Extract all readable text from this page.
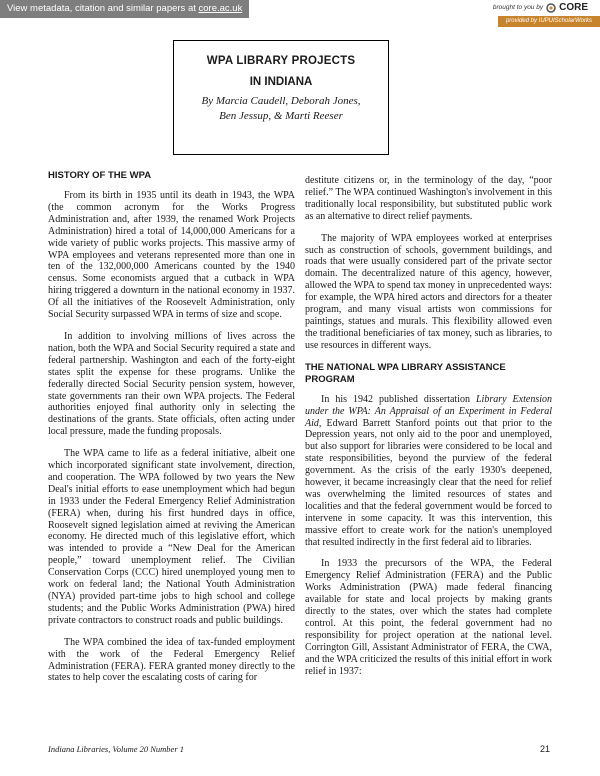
View metadata, citation and similar papers at core.ac.uk	brought to you by CORE
provided by IUPUIScholarWorks
WPA LIBRARY PROJECTS
IN INDIANA
By Marcia Caudell, Deborah Jones,
Ben Jessup, & Marti Reeser
HISTORY OF THE WPA

From its birth in 1935 until its death in 1943, the WPA (the common acronym for the Works Progress Administration and, after 1939, the renamed Work Projects Administration) hired a total of 14,000,000 Americans for a wide variety of public works projects. This massive army of WPA employees and veterans represented more than one in ten of the 132,000,000 Americans counted by the 1940 census. Some economists argued that a cutback in WPA hiring triggered a downturn in the national economy in 1937. Of all the initiatives of the Roosevelt Administration, only Social Security surpassed WPA in terms of size and scope.

In addition to involving millions of lives across the nation, both the WPA and Social Security required a state and federal partnership. Washington and each of the forty-eight states split the expense for these programs. Unlike the federally directed Social Security pension system, however, state governments ran their own WPA projects. The Federal authorities enjoyed final authority only in selecting the destinations of the grants. State officials, often acting under local pressure, made the funding proposals.

The WPA came to life as a federal initiative, albeit one which incorporated significant state involvement, direction, and cooperation. The WPA followed by two years the New Deal's initial efforts to ease unemployment which had begun in 1933 under the Federal Emergency Relief Administration (FERA) when, during his first hundred days in office, Roosevelt signed legislation aimed at reviving the American economy. He directed much of this legislative effort, which was intended to provide a “New Deal for the American people,” toward unemployment relief. The Civilian Conservation Corps (CCC) hired unemployed young men to work on federal land; the National Youth Administration (NYA) provided part-time jobs to high school and college students; and the Public Works Administration (PWA) hired private contractors to construct roads and public buildings.

The WPA combined the idea of tax-funded employment with the work of the Federal Emergency Relief Administration (FERA). FERA granted money directly to the states to help cover the escalating costs of caring for

destitute citizens or, in the terminology of the day, “poor relief.” The WPA continued Washington's involvement in this traditionally local responsibility, but substituted public work as an alternative to direct relief payments.

The majority of WPA employees worked at enterprises such as construction of schools, government buildings, and roads that were usually considered part of the private sector domain. The decentralized nature of this agency, however, allowed the WPA to spend tax money in unprecedented ways: for example, the WPA hired actors and directors for a theater program, and many visual artists won commissions for paintings, statues and murals. This flexibility allowed even the traditional beneficiaries of tax money, such as libraries, to use resources in different ways.

THE NATIONAL WPA LIBRARY ASSISTANCE PROGRAM

In his 1942 published dissertation Library Extension under the WPA: An Appraisal of an Experiment in Federal Aid, Edward Barrett Stanford points out that prior to the Depression years, not only aid to the poor and unemployed, but also support for libraries were considered to be local and state responsibilities, beyond the purview of the federal government. As the crisis of the early 1930's deepened, however, it became increasingly clear that the need for relief was overwhelming the limited resources of states and localities and that the federal government would be forced to intervene in some capacity. It was this intervention, this massive effort to create work for the nation's unemployed that resulted indirectly in the first federal aid to libraries.

In 1933 the precursors of the WPA, the Federal Emergency Relief Administration (FERA) and the Public Works Administration (PWA) made federal financing available for state and local projects by making grants directly to the states, over which the states had complete control. At this point, the federal government had no responsibility for project operation at the national level. Corrington Gill, Assistant Administrator of FERA, the CWA, and the WPA criticized the results of this initial effort in work relief in 1937:

Indiana Libraries, Volume 20 Number 1	21
